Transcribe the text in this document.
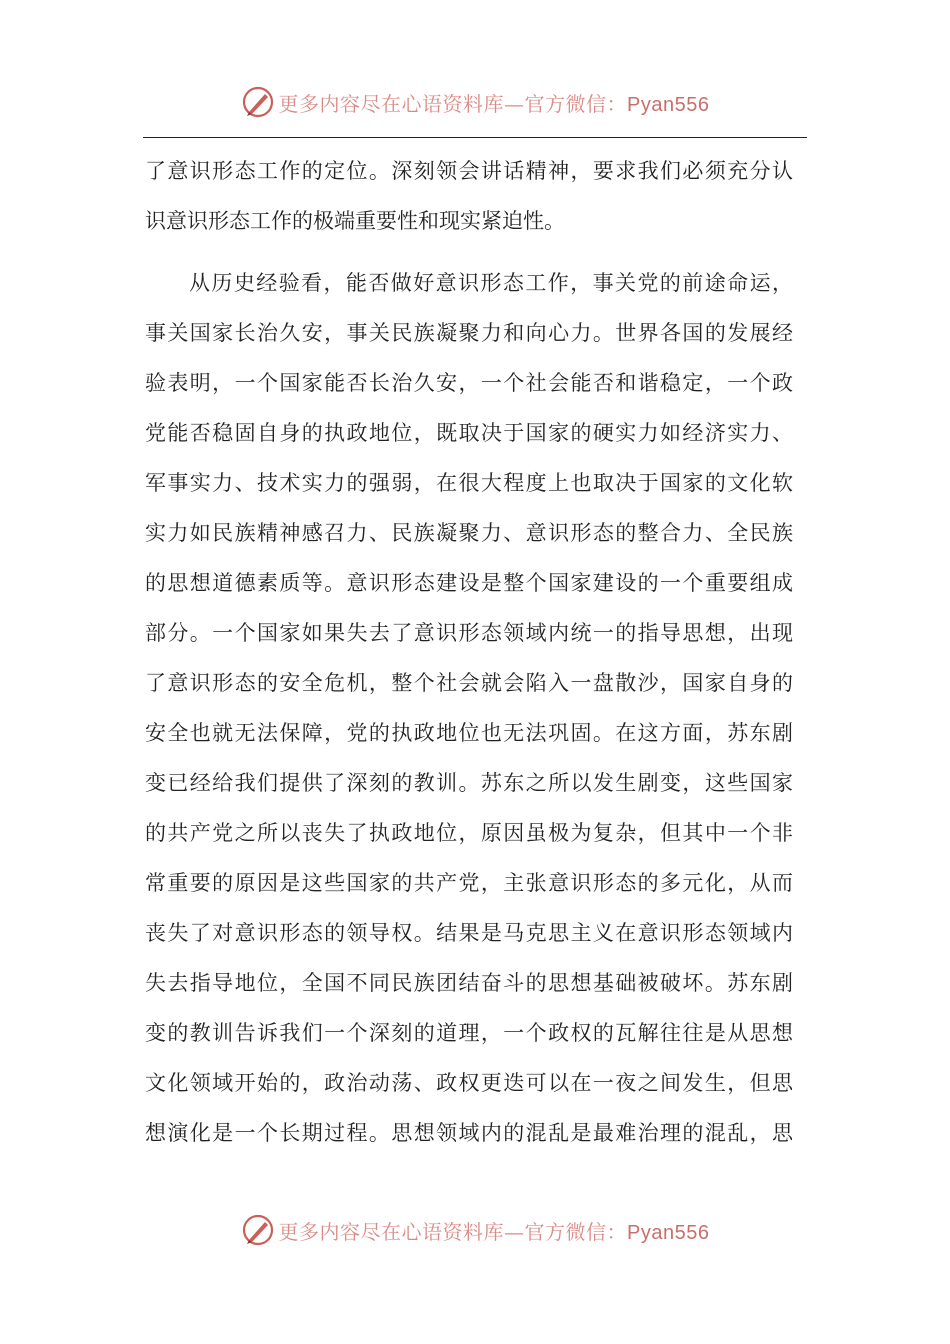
更多内容尽在心语资料库—官方微信：Pyan556
了意识形态工作的定位。深刻领会讲话精神，要求我们必须充分认
识意识形态工作的极端重要性和现实紧迫性。
从历史经验看，能否做好意识形态工作，事关党的前途命运，
事关国家长治久安，事关民族凝聚力和向心力。世界各国的发展经
验表明，一个国家能否长治久安，一个社会能否和谐稳定，一个政
党能否稳固自身的执政地位，既取决于国家的硬实力如经济实力、
军事实力、技术实力的强弱，在很大程度上也取决于国家的文化软
实力如民族精神感召力、民族凝聚力、意识形态的整合力、全民族
的思想道德素质等。意识形态建设是整个国家建设的一个重要组成
部分。一个国家如果失去了意识形态领域内统一的指导思想，出现
了意识形态的安全危机，整个社会就会陷入一盘散沙，国家自身的
安全也就无法保障，党的执政地位也无法巩固。在这方面，苏东剧
变已经给我们提供了深刻的教训。苏东之所以发生剧变，这些国家
的共产党之所以丧失了执政地位，原因虽极为复杂，但其中一个非
常重要的原因是这些国家的共产党，主张意识形态的多元化，从而
丧失了对意识形态的领导权。结果是马克思主义在意识形态领域内
失去指导地位，全国不同民族团结奋斗的思想基础被破坏。苏东剧
变的教训告诉我们一个深刻的道理，一个政权的瓦解往往是从思想
文化领域开始的，政治动荡、政权更迭可以在一夜之间发生，但思
想演化是一个长期过程。思想领域内的混乱是最难治理的混乱，思
更多内容尽在心语资料库—官方微信：Pyan556
